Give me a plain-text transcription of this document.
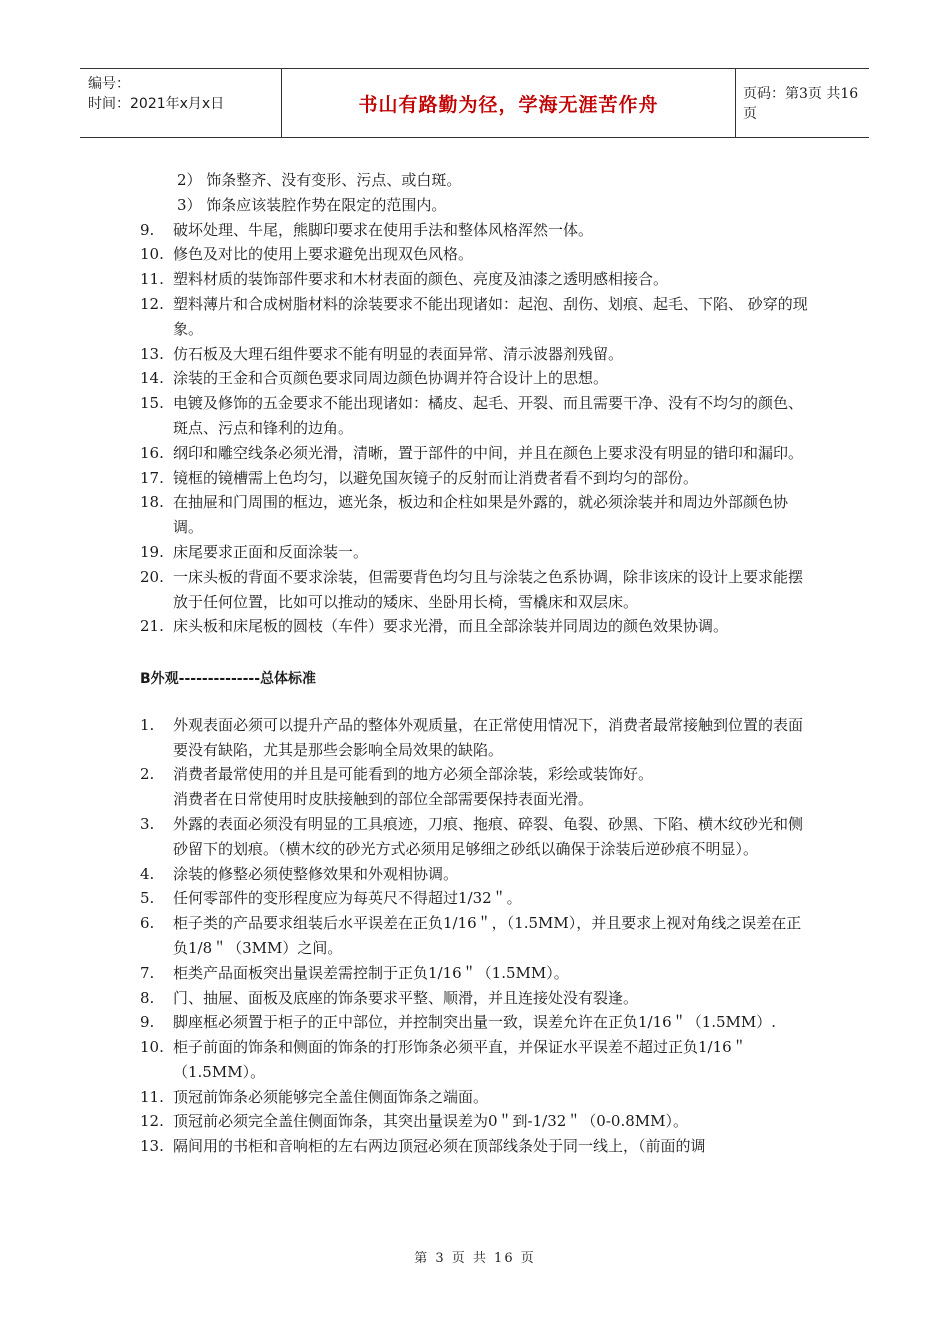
编号：
时间：2021年x月x日	书山有路勤为径，学海无涯苦作舟	页码：第3页 共16页
2） 饰条整齐、没有变形、污点、或白斑。
3） 饰条应该装腔作势在限定的范围内。
9. 破坏处理、牛尾，熊脚印要求在使用手法和整体风格浑然一体。
10. 修色及对比的使用上要求避免出现双色风格。
11. 塑料材质的装饰部件要求和木材表面的颜色、亮度及油漆之透明感相接合。
12. 塑料薄片和合成树脂材料的涂装要求不能出现诸如：起泡、刮伤、划痕、起毛、下陷、 砂穿的现象。
13. 仿石板及大理石组件要求不能有明显的表面异常、清示波器剂残留。
14. 涂装的王金和合页颜色要求同周边颜色协调并符合设计上的思想。
15. 电镀及修饰的五金要求不能出现诸如：橘皮、起毛、开裂、而且需要干净、没有不均匀的颜色、斑点、污点和锋利的边角。
16. 纲印和雕空线条必须光滑，清晰，置于部件的中间，并且在颜色上要求没有明显的错印和漏印。
17. 镜框的镜槽需上色均匀，以避免国灰镜子的反射而让消费者看不到均匀的部份。
18. 在抽屉和门周围的框边，遮光条，板边和企柱如果是外露的，就必须涂装并和周边外部颜色协调。
19. 床尾要求正面和反面涂装一。
20. 一床头板的背面不要求涂装，但需要背色均匀且与涂装之色系协调，除非该床的设计上要求能摆放于任何位置，比如可以推动的矮床、坐卧用长椅，雪橇床和双层床。
21. 床头板和床尾板的圆枝（车件）要求光滑，而且全部涂装并同周边的颜色效果协调。
B外观--------------总体标准
1. 外观表面必须可以提升产品的整体外观质量，在正常使用情况下，消费者最常接触到位置的表面要没有缺陷，尤其是那些会影响全局效果的缺陷。
2. 消费者最常使用的并且是可能看到的地方必须全部涂装，彩绘或装饰好。
消费者在日常使用时皮肤接触到的部位全部需要保持表面光滑。
3. 外露的表面必须没有明显的工具痕迹，刀痕、拖痕、碎裂、龟裂、砂黑、下陷、横木纹砂光和侧砂留下的划痕。（横木纹的砂光方式必须用足够细之砂纸以确保于涂装后逆砂痕不明显）。
4. 涂装的修整必须使整修效果和外观相协调。
5. 任何零部件的变形程度应为每英尺不得超过1/32＂。
6. 柜子类的产品要求组装后水平误差在正负1/16＂，（1.5MM），并且要求上视对角线之误差在正负1/8＂（3MM）之间。
7. 柜类产品面板突出量误差需控制于正负1/16＂（1.5MM）。
8. 门、抽屉、面板及底座的饰条要求平整、顺滑，并且连接处没有裂逢。
9. 脚座框必须置于柜子的正中部位，并控制突出量一致，误差允许在正负1/16＂（1.5MM）.
10. 柜子前面的饰条和侧面的饰条的打形饰条必须平直，并保证水平误差不超过正负1/16＂（1.5MM）。
11. 顶冠前饰条必须能够完全盖住侧面饰条之端面。
12. 顶冠前必须完全盖住侧面饰条，其突出量误差为0＂到-1/32＂（0-0.8MM）。
13. 隔间用的书柜和音响柜的左右两边顶冠必须在顶部线条处于同一线上，（前面的调
第 3 页 共 16 页
